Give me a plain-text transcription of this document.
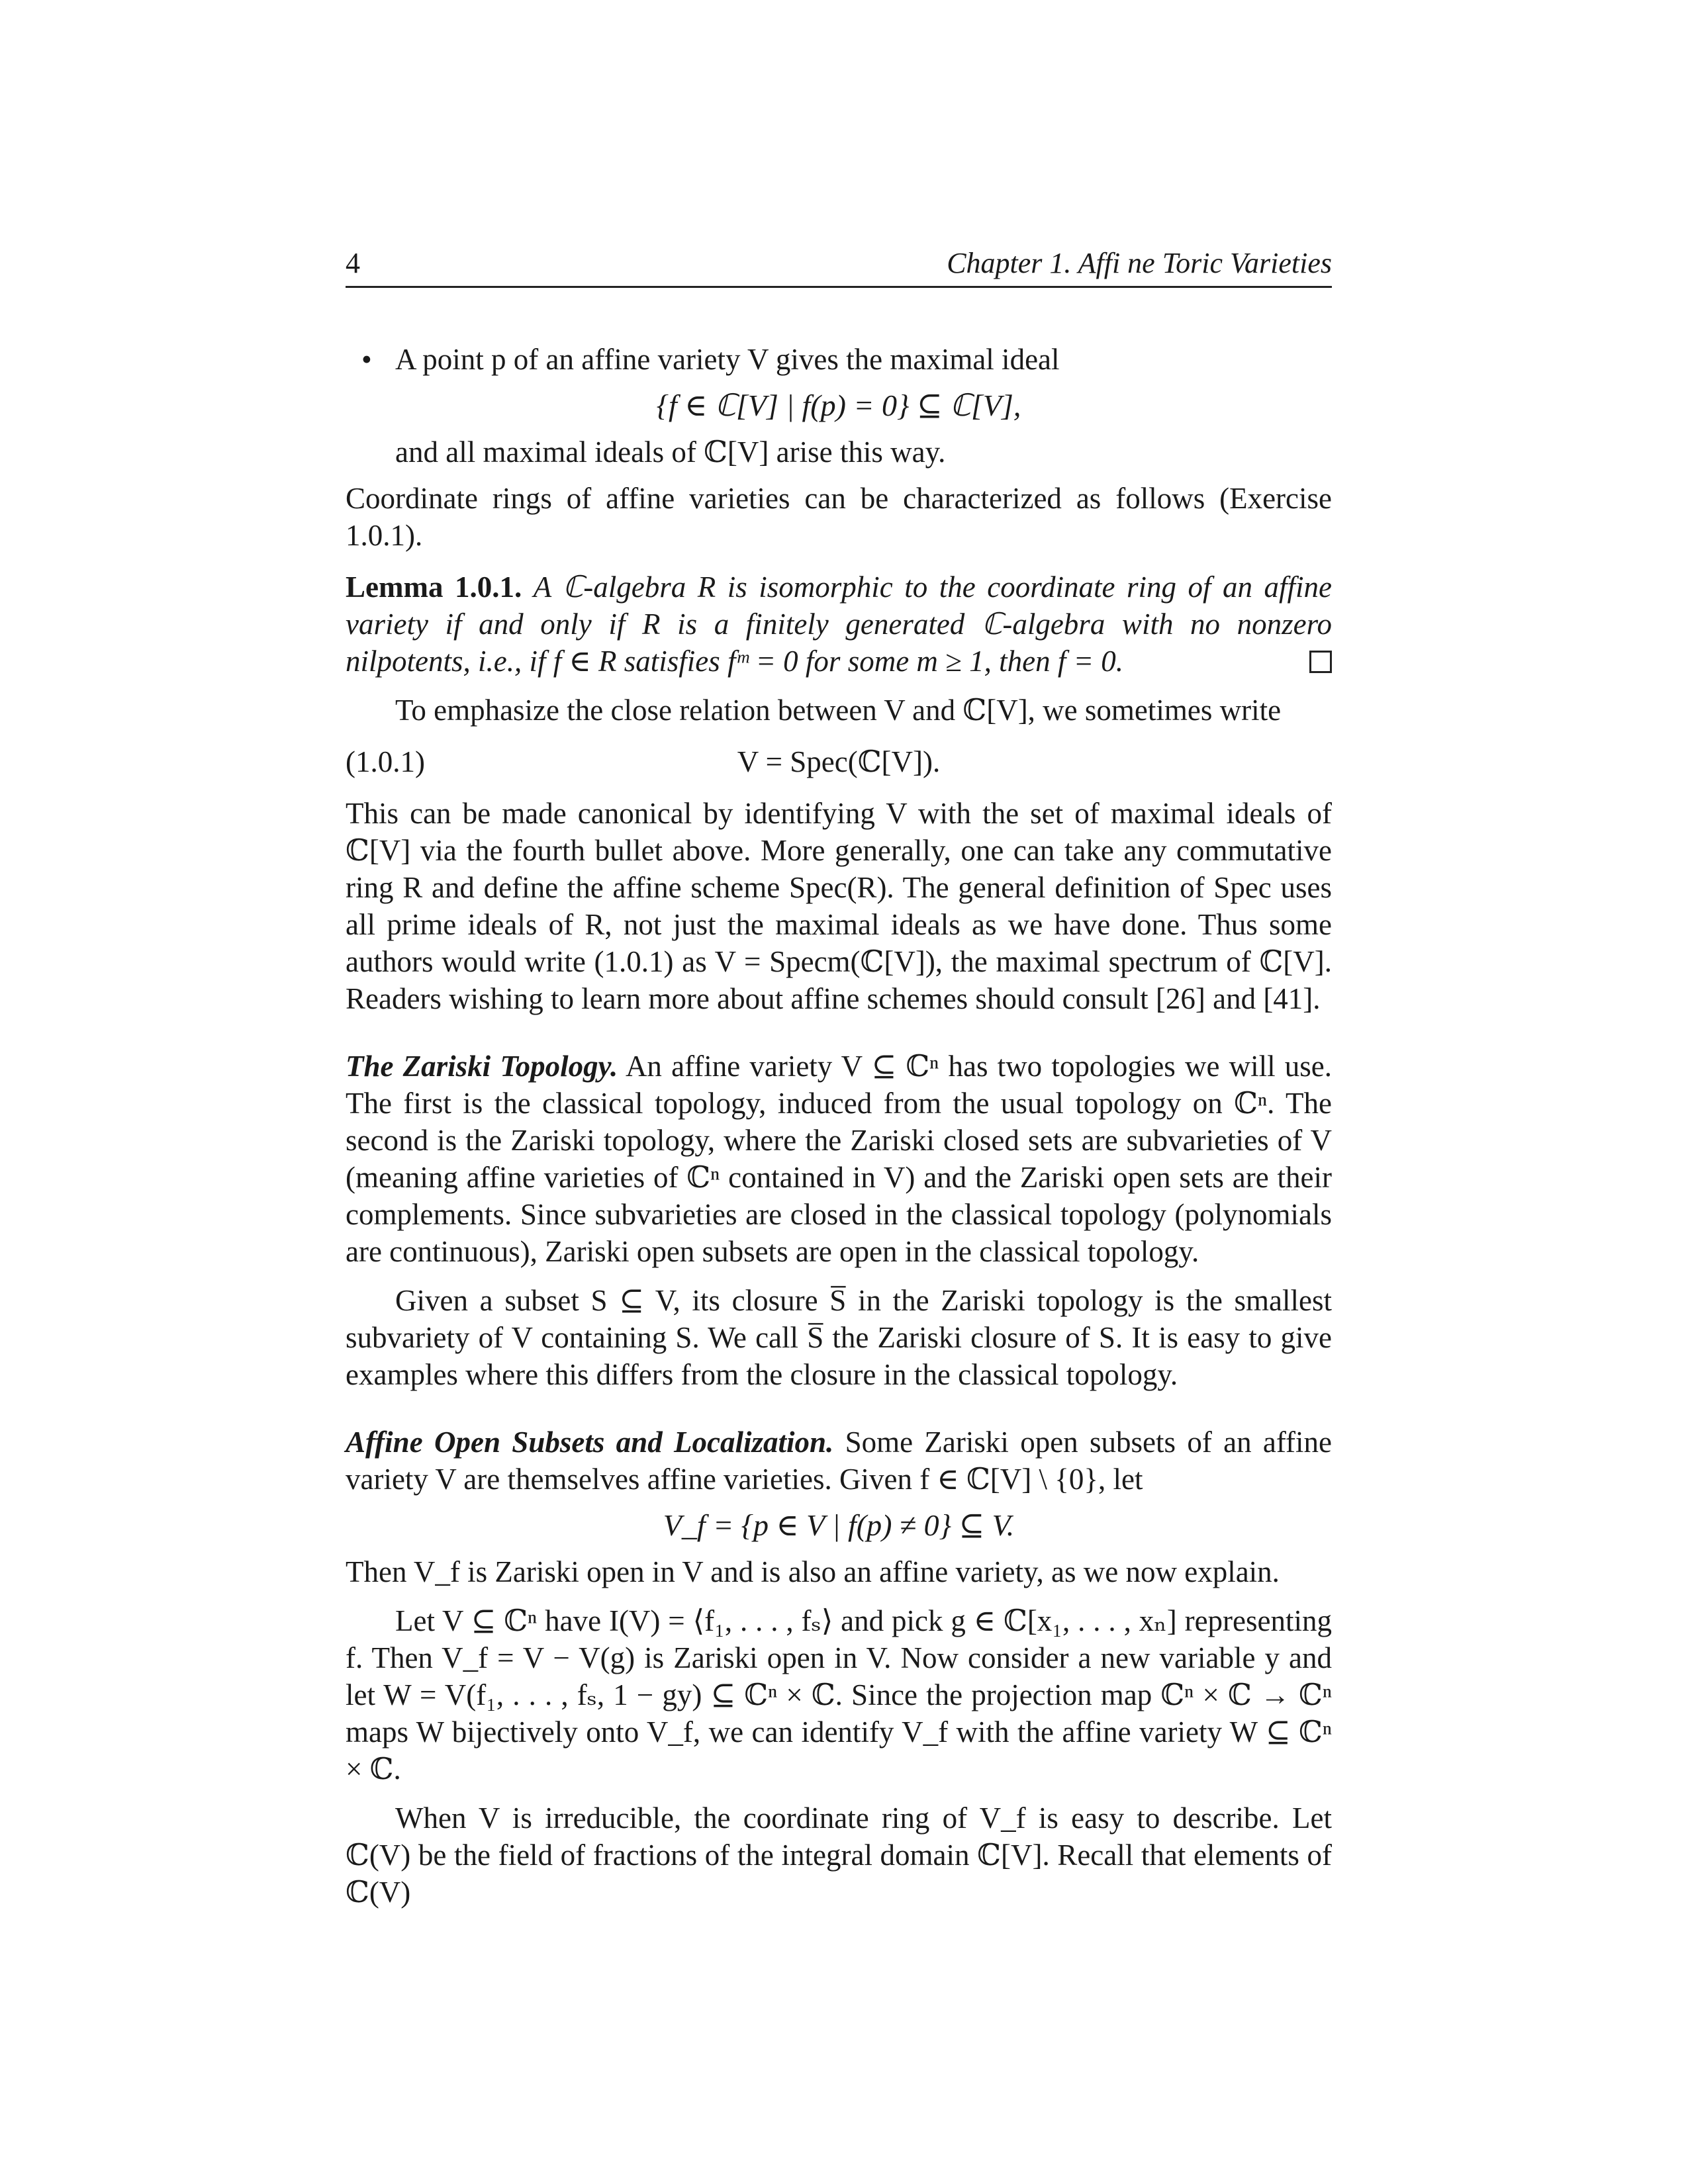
4	Chapter 1. Affi ne Toric Varieties
• A point p of an affine variety V gives the maximal ideal
{f ∈ ℂ[V] | f(p) = 0} ⊆ ℂ[V],

and all maximal ideals of ℂ[V] arise this way.

Coordinate rings of affine varieties can be characterized as follows (Exercise 1.0.1).

Lemma 1.0.1. A ℂ-algebra R is isomorphic to the coordinate ring of an affine variety if and only if R is a finitely generated ℂ-algebra with no nonzero nilpotents, i.e., if f ∈ R satisfies fᵐ = 0 for some m ≥ 1, then f = 0.

To emphasize the close relation between V and ℂ[V], we sometimes write

(1.0.1)	V = Spec(ℂ[V]).

This can be made canonical by identifying V with the set of maximal ideals of ℂ[V] via the fourth bullet above. More generally, one can take any commutative ring R and define the affine scheme Spec(R). The general definition of Spec uses all prime ideals of R, not just the maximal ideals as we have done. Thus some authors would write (1.0.1) as V = Specm(ℂ[V]), the maximal spectrum of ℂ[V]. Readers wishing to learn more about affine schemes should consult [26] and [41].

The Zariski Topology. An affine variety V ⊆ ℂⁿ has two topologies we will use. The first is the classical topology, induced from the usual topology on ℂⁿ. The second is the Zariski topology, where the Zariski closed sets are subvarieties of V (meaning affine varieties of ℂⁿ contained in V) and the Zariski open sets are their complements. Since subvarieties are closed in the classical topology (polynomials are continuous), Zariski open subsets are open in the classical topology.

Given a subset S ⊆ V, its closure S̅ in the Zariski topology is the smallest subvariety of V containing S. We call S̅ the Zariski closure of S. It is easy to give examples where this differs from the closure in the classical topology.

Affine Open Subsets and Localization. Some Zariski open subsets of an affine variety V are themselves affine varieties. Given f ∈ ℂ[V] \ {0}, let

V_f = {p ∈ V | f(p) ≠ 0} ⊆ V.

Then V_f is Zariski open in V and is also an affine variety, as we now explain.

Let V ⊆ ℂⁿ have I(V) = ⟨f₁, . . . , fₛ⟩ and pick g ∈ ℂ[x₁, . . . , xₙ] representing f. Then V_f = V − V(g) is Zariski open in V. Now consider a new variable y and let W = V(f₁, . . . , fₛ, 1 − gy) ⊆ ℂⁿ × ℂ. Since the projection map ℂⁿ × ℂ → ℂⁿ maps W bijectively onto V_f, we can identify V_f with the affine variety W ⊆ ℂⁿ × ℂ.

When V is irreducible, the coordinate ring of V_f is easy to describe. Let ℂ(V) be the field of fractions of the integral domain ℂ[V]. Recall that elements of ℂ(V)
